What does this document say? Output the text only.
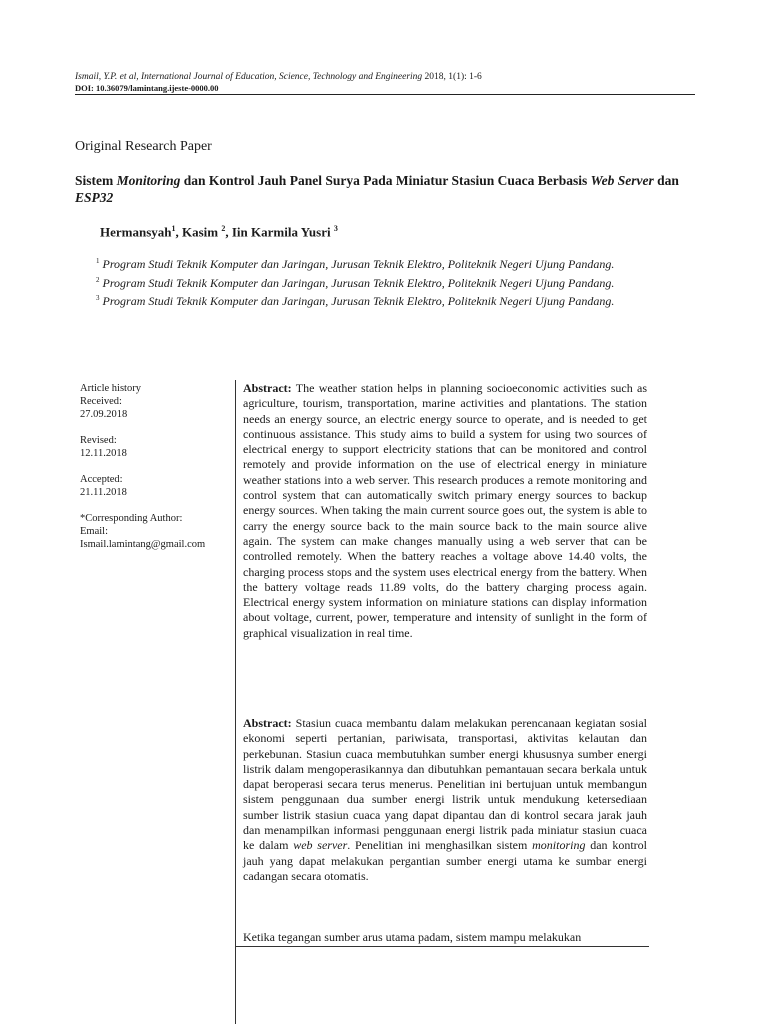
Ismail, Y.P. et al, International Journal of Education, Science, Technology and Engineering 2018, 1(1): 1-6
DOI: 10.36079/lamintang.ijeste-0000.00
Original Research Paper
Sistem Monitoring dan Kontrol Jauh Panel Surya Pada Miniatur Stasiun Cuaca Berbasis Web Server dan ESP32
Hermansyah$^1$, Kasim $^2$, Iin Karmila Yusri $^3$
$^1$ Program Studi Teknik Komputer dan Jaringan, Jurusan Teknik Elektro, Politeknik Negeri Ujung Pandang.
$^2$ Program Studi Teknik Komputer dan Jaringan, Jurusan Teknik Elektro, Politeknik Negeri Ujung Pandang.
$^3$ Program Studi Teknik Komputer dan Jaringan, Jurusan Teknik Elektro, Politeknik Negeri Ujung Pandang.
Article history
Received:
27.09.2018
Revised:
12.11.2018
Accepted:
21.11.2018
*Corresponding Author:
Email:
Ismail.lamintang@gmail.com
Abstract: The weather station helps in planning socioeconomic activities such as agriculture, tourism, transportation, marine activities and plantations. The station needs an energy source, an electric energy source to operate, and is needed to get continuous assistance. This study aims to build a system for using two sources of electrical energy to support electricity stations that can be monitored and control remotely and provide information on the use of electrical energy in miniature weather stations into a web server. This research produces a remote monitoring and control system that can automatically switch primary energy sources to backup energy sources. When taking the main current source goes out, the system is able to carry the energy source back to the main source back to the main source alive again. The system can make changes manually using a web server that can be controlled remotely. When the battery reaches a voltage above 14.40 volts, the charging process stops and the system uses electrical energy from the battery. When the battery voltage reads 11.89 volts, do the battery charging process again. Electrical energy system information on miniature stations can display information about voltage, current, power, temperature and intensity of sunlight in the form of graphical visualization in real time.
Abstract: Stasiun cuaca membantu dalam melakukan perencanaan kegiatan sosial ekonomi seperti pertanian, pariwisata, transportasi, aktivitas kelautan dan perkebunan. Stasiun cuaca membutuhkan sumber energi khususnya sumber energi listrik dalam mengoperasikannya dan dibutuhkan pemantauan secara berkala untuk dapat beroperasi secara terus menerus. Penelitian ini bertujuan untuk membangun sistem penggunaan dua sumber energi listrik untuk mendukung ketersediaan sumber listrik stasiun cuaca yang dapat dipantau dan di kontrol secara jarak jauh dan menampilkan informasi penggunaan energi listrik pada miniatur stasiun cuaca ke dalam web server. Penelitian ini menghasilkan sistem monitoring dan kontrol jauh yang dapat melakukan pergantian sumber energi utama ke sumbar energi cadangan secara otomatis.
Ketika tegangan sumber arus utama padam, sistem mampu melakukan
